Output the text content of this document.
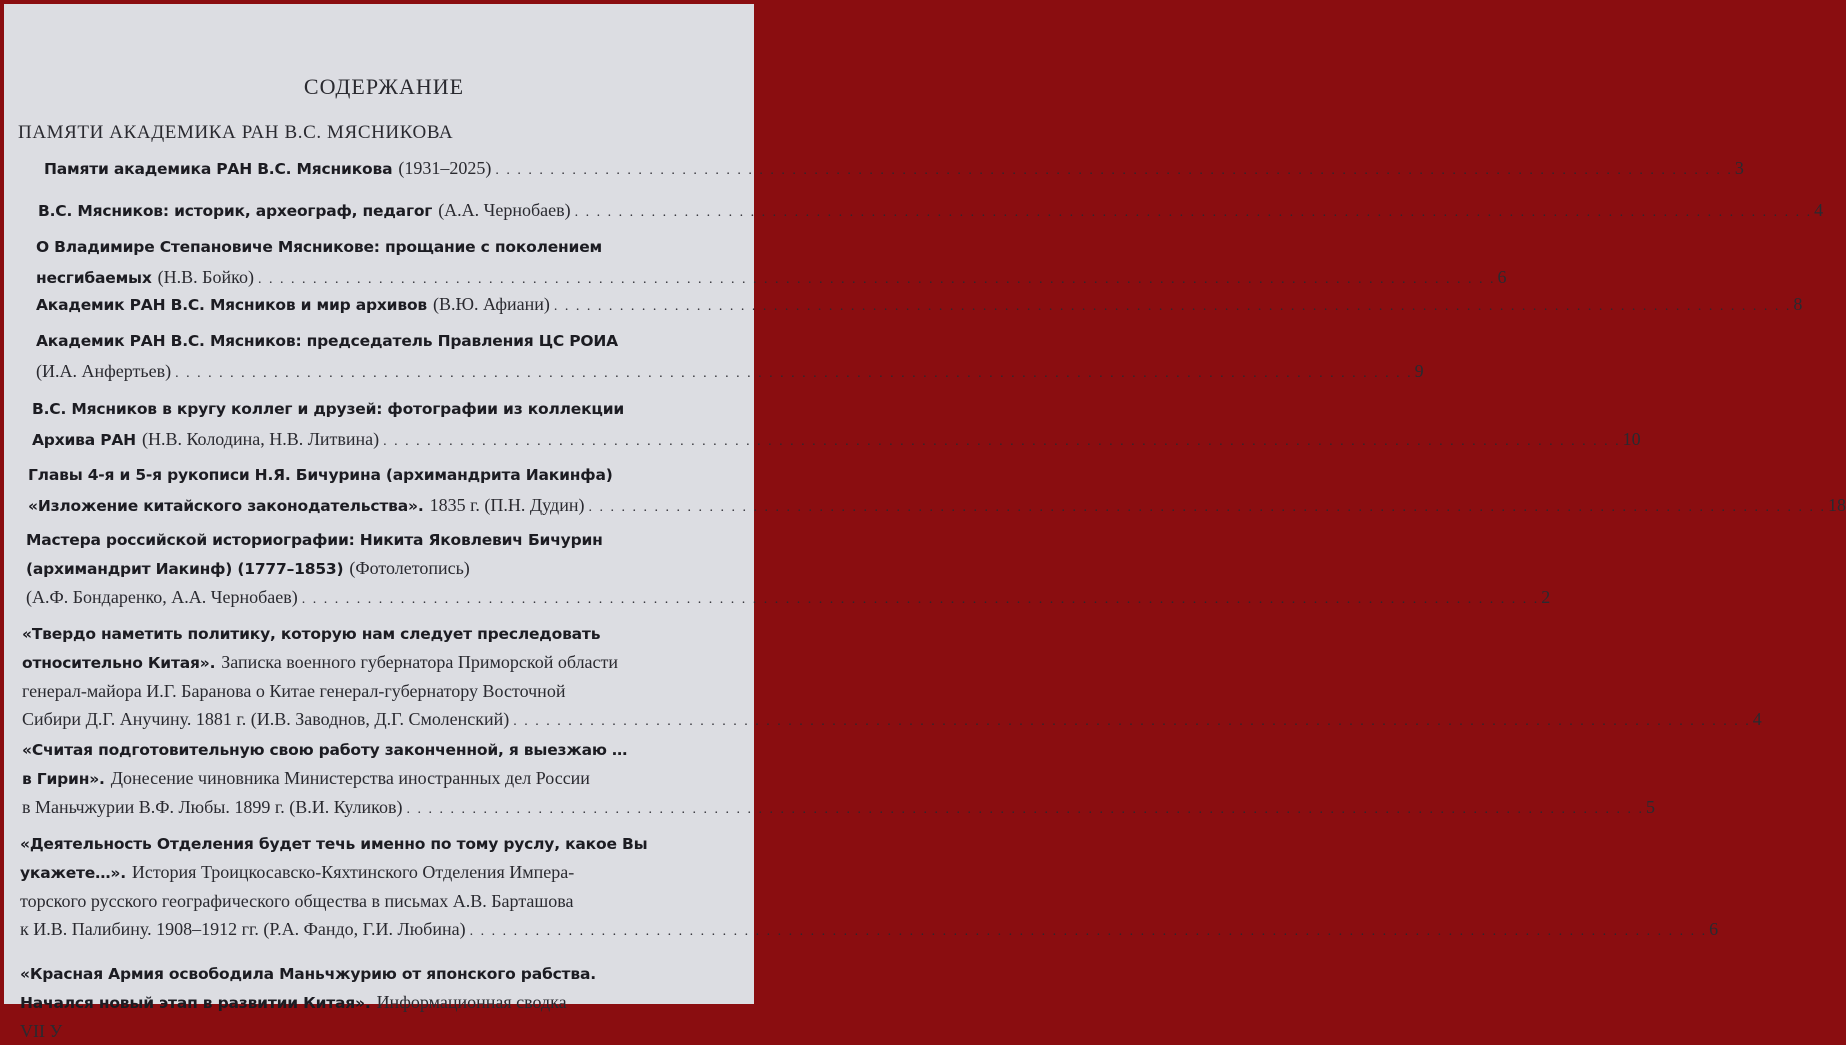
СОДЕРЖАНИЕ
ПАМЯТИ АКАДЕМИКА РАН В.С. МЯСНИКОВА
Памяти академика РАН В.С. Мясникова (1931–2025) . . .	3
В.С. Мясников: историк, археограф, педагог (А.А. Чернобаев) . . .	4
О Владимире Степановиче Мясникове: прощание с поколением
несгибаемых (Н.В. Бойко) . . .	6
Академик РАН В.С. Мясников и мир архивов (В.Ю. Афиани) . . .	8
Академик РАН В.С. Мясников: председатель Правления ЦС РОИА
(И.А. Анфертьев) . . .	9
В.С. Мясников в кругу коллег и друзей: фотографии из коллекции
Архива РАН (Н.В. Колодина, Н.В. Литвина) . . .	10
Главы 4-я и 5-я рукописи Н.Я. Бичурина (архимандрита Иакинфа)
«Изложение китайского законодательства». 1835 г. (П.Н. Дудин) . . .	18
Мастера российской историографии: Никита Яковлевич Бичурин
(архимандрит Иакинф) (1777–1853) (Фотолетопись)
(А.Ф. Бондаренко, А.А. Чернобаев) . . .	2
«Твердо наметить политику, которую нам следует преследовать
относительно Китая». Записка военного губернатора Приморской области
генерал-майора И.Г. Баранова о Китае генерал-губернатору Восточной
Сибири Д.Г. Анучину. 1881 г. (И.В. Заводнов, Д.Г. Смоленский) . . .	4
«Считая подготовительную свою работу законченной, я выезжаю …
в Гирин». Донесение чиновника Министерства иностранных дел России
в Маньчжурии В.Ф. Любы. 1899 г. (В.И. Куликов) . . .	5
«Деятельность Отделения будет течь именно по тому руслу, какое Вы
укажете…». История Троицкосавско-Кяхтинского Отделения Импера-
торского русского географического общества в письмах А.В. Барташова
к И.В. Палибину. 1908–1912 гг. (Р.А. Фандо, Г.И. Любина) . . .	6
«Красная Армия освободила Маньчжурию от японского рабства.
Начался новый этап в развитии Китая». Информационная сводка
VII У
